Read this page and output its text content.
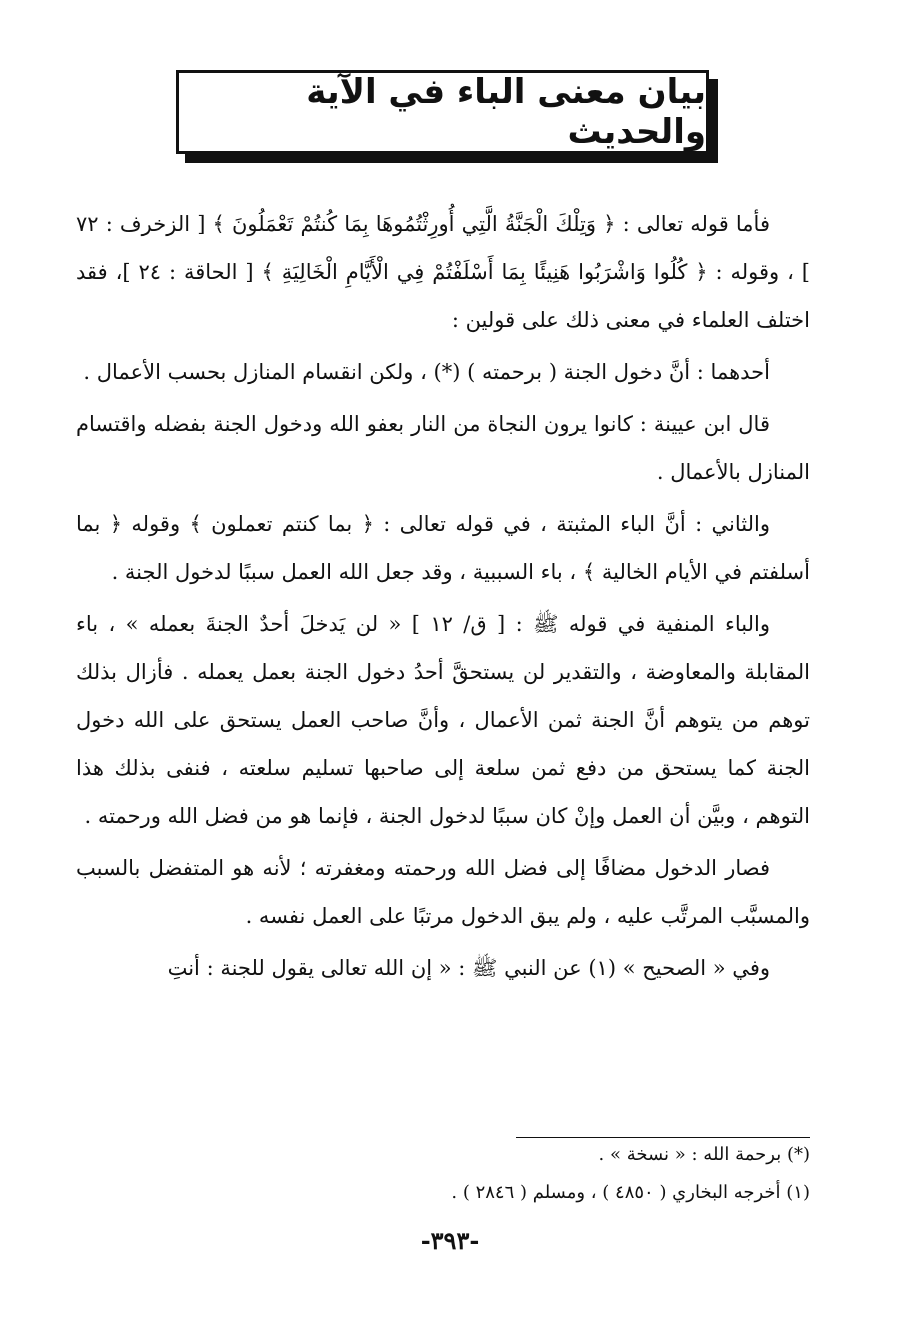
بيان معنى الباء في الآية والحديث

فأما قوله تعالى : ﴿ وَتِلْكَ الْجَنَّةُ الَّتِي أُورِثْتُمُوهَا بِمَا كُنتُمْ تَعْمَلُونَ ﴾ [ الزخرف : ٧٢ ] ، وقوله : ﴿ كُلُوا وَاشْرَبُوا هَنِيئًا بِمَا أَسْلَفْتُمْ فِي الْأَيَّامِ الْخَالِيَةِ ﴾ [ الحاقة : ٢٤ ]، فقد اختلف العلماء في معنى ذلك على قولين :

أحدهما : أنَّ دخول الجنة ( برحمته ) (*) ، ولكن انقسام المنازل بحسب الأعمال .

قال ابن عيينة : كانوا يرون النجاة من النار بعفو الله ودخول الجنة بفضله واقتسام المنازل بالأعمال .

والثاني : أنَّ الباء المثبتة ، في قوله تعالى : ﴿ بما كنتم تعملون ﴾ وقوله ﴿ بما أسلفتم في الأيام الخالية ﴾ ، باء السببية ، وقد جعل الله العمل سببًا لدخول الجنة .

والباء المنفية في قوله ﷺ : [ ق/ ١٢ ] « لن يَدخلَ أحدٌ الجنةَ بعمله » ، باء المقابلة والمعاوضة ، والتقدير لن يستحقَّ أحدُ دخول الجنة بعمل يعمله . فأزال بذلك توهم من يتوهم أنَّ الجنة ثمن الأعمال ، وأنَّ صاحب العمل يستحق على الله دخول الجنة كما يستحق من دفع ثمن سلعة إلى صاحبها تسليم سلعته ، فنفى بذلك هذا التوهم ، وبيَّن أن العمل وإنْ كان سببًا لدخول الجنة ، فإنما هو من فضل الله ورحمته .

فصار الدخول مضافًا إلى فضل الله ورحمته ومغفرته ؛ لأنه هو المتفضل بالسبب والمسبَّب المرتَّب عليه ، ولم يبق الدخول مرتبًا على العمل نفسه .

وفي « الصحيح » (١) عن النبي ﷺ : « إن الله تعالى يقول للجنة : أنتِ

(*) برحمة الله : « نسخة » .
(١) أخرجه البخاري ( ٤٨٥٠ ) ، ومسلم ( ٢٨٤٦ ) .
-٣٩٣-
